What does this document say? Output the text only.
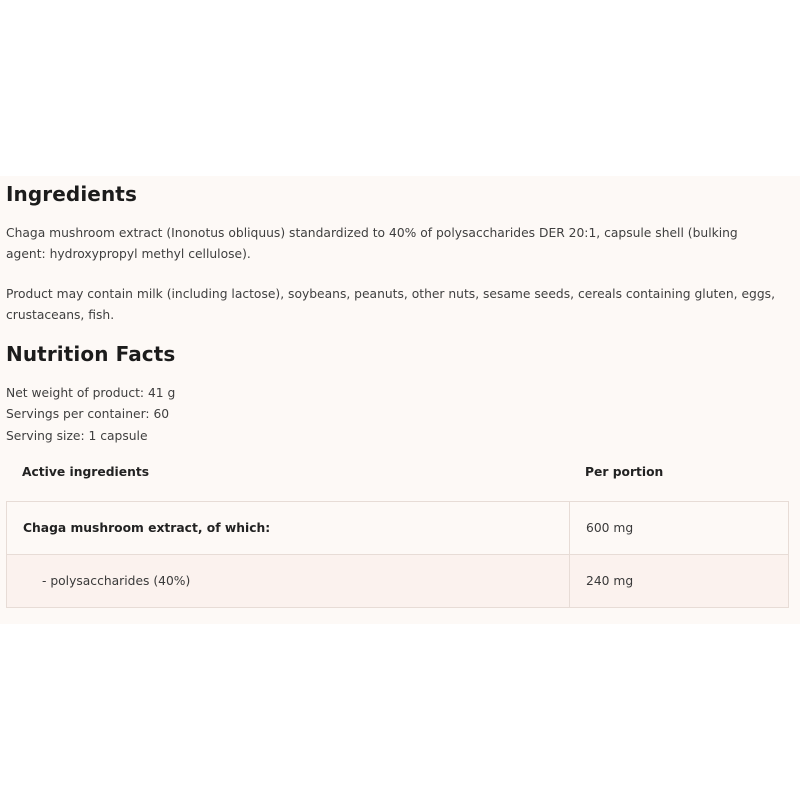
Ingredients

Chaga mushroom extract (Inonotus obliquus) standardized to 40% of polysaccharides DER 20:1, capsule shell (bulking agent: hydroxypropyl methyl cellulose).

Product may contain milk (including lactose), soybeans, peanuts, other nuts, sesame seeds, cereals containing gluten, eggs, crustaceans, fish.

Nutrition Facts

Net weight of product: 41 g

Servings per container: 60

Serving size: 1 capsule

Active ingredients	Per portion
Chaga mushroom extract, of which:	600 mg
- polysaccharides (40%)	240 mg
